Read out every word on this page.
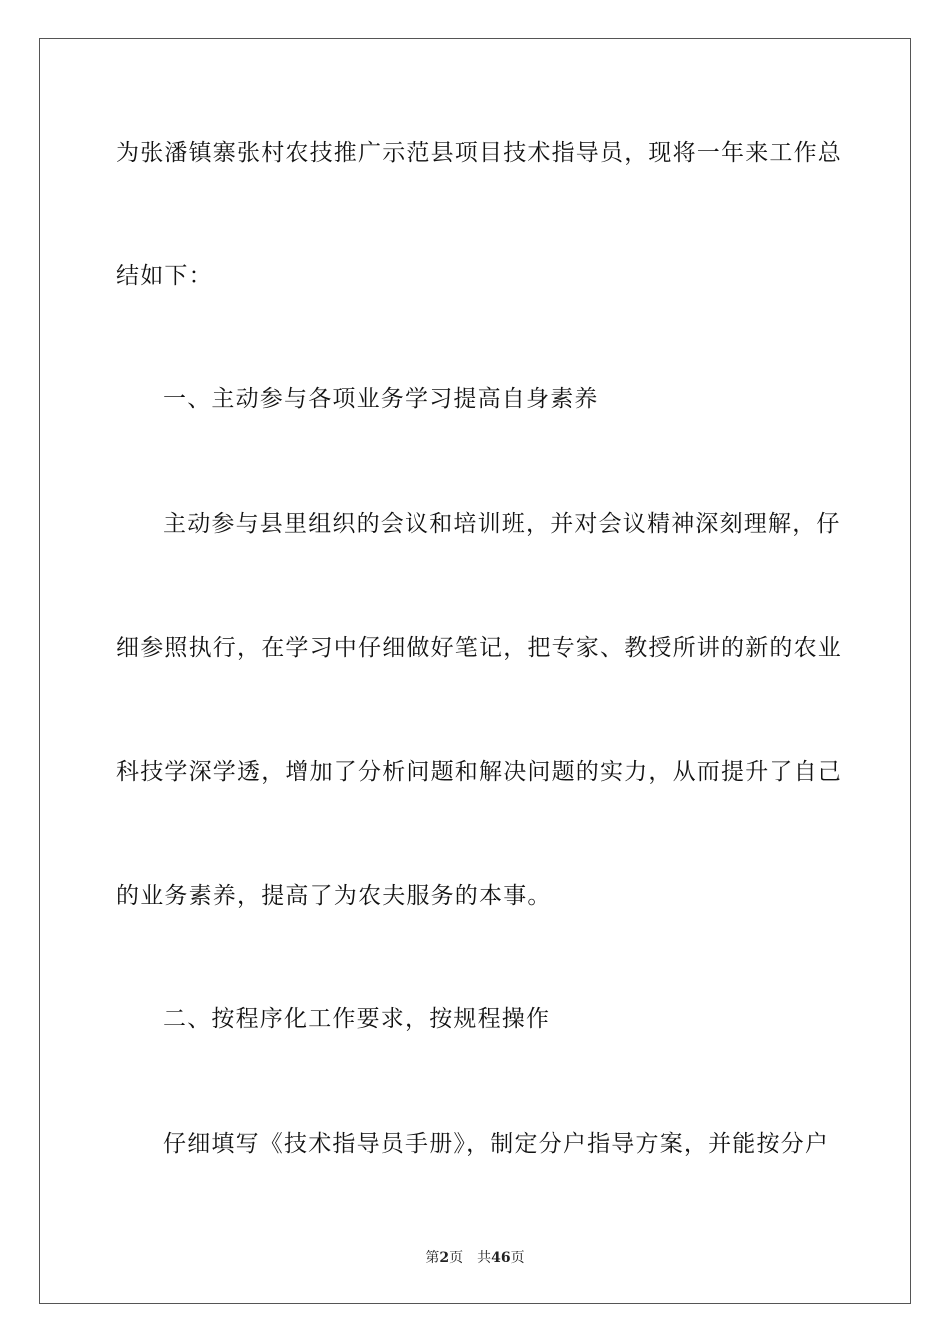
为张潘镇寨张村农技推广示范县项目技术指导员，现将一年来工作总
结如下：
一、主动参与各项业务学习提高自身素养
主动参与县里组织的会议和培训班，并对会议精神深刻理解，仔
细参照执行，在学习中仔细做好笔记，把专家、教授所讲的新的农业
科技学深学透，增加了分析问题和解决问题的实力，从而提升了自己
的业务素养，提高了为农夫服务的本事。
二、按程序化工作要求，按规程操作
仔细填写《技术指导员手册》，制定分户指导方案，并能按分户
第2页 共46页
